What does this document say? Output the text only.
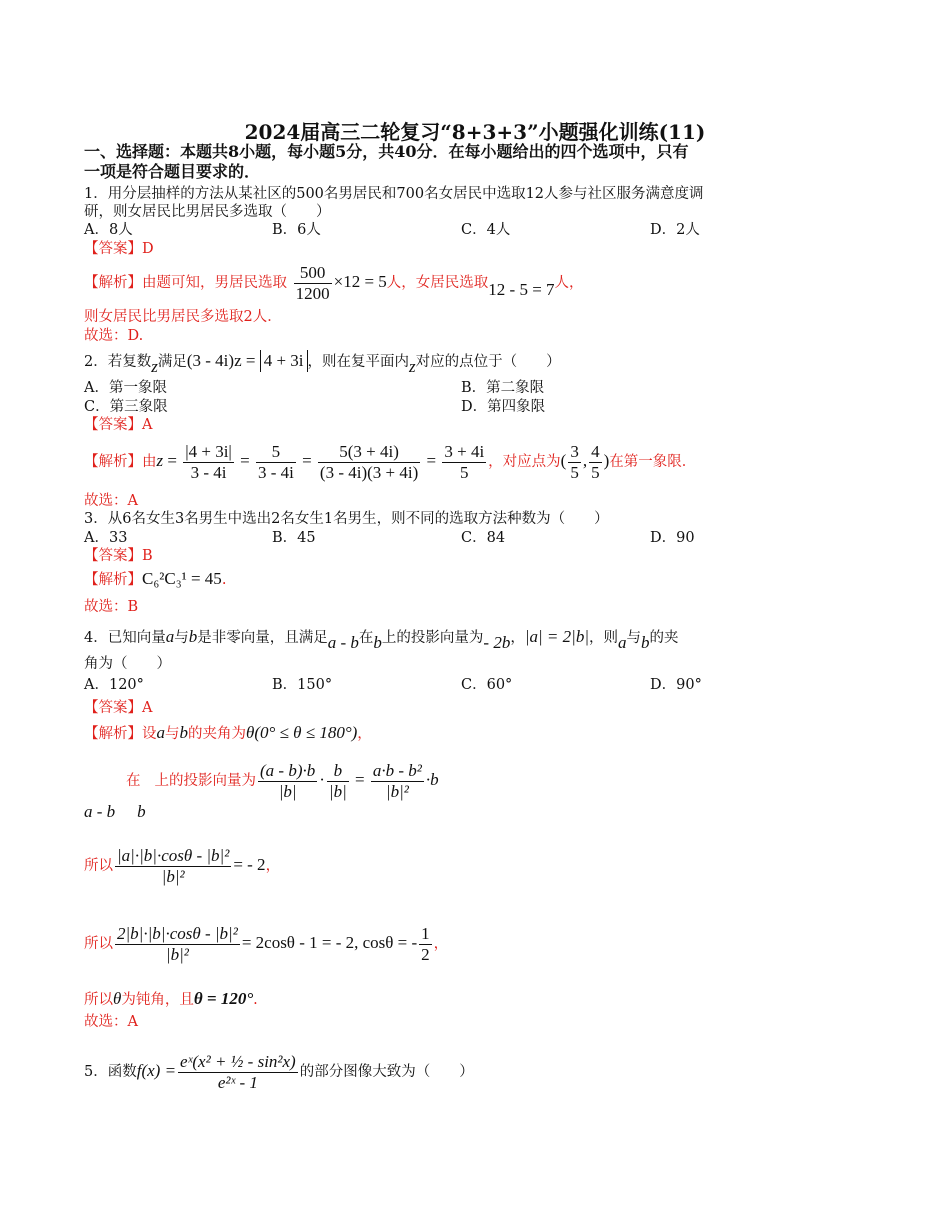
2024届高三二轮复习“8+3+3”小题强化训练(11)
一、选择题：本题共8小题，每小题5分，共40分．在每小题给出的四个选项中，只有
一项是符合题目要求的．
1．用分层抽样的方法从某社区的500名男居民和700名女居民中选取12人参与社区服务满意度调
研，则女居民比男居民多选取（　　）
A．8人	B．6人	C．4人	D．2人
【答案】D
【解析】由题可知，男居民选取 $\frac{500}{1200} \times 12 = 5$人，女居民选取12 - 5 = 7人，
则女居民比男居民多选取2人．
故选：D.
2．若复数z满足(3 - 4i)z = 4 + 3i ，则在复平面内z对应的点位于（　　）
A．第一象限	B．第二象限
C．第三象限	D．第四象限
【答案】A
【解析】由$z = \frac{|4 + 3i|}{3 - 4i} = \frac{5}{3 - 4i} = \frac{5(3 + 4i)}{(3 - 4i)(3 + 4i)} = \frac{3 + 4i}{5}$ ，对应点为( $\frac{3}{5}$ , $\frac{4}{5}$ )在第一象限．
故选：A
3．从6名女生3名男生中选出2名女生1名男生，则不同的选取方法种数为（　　）
A．33	B．45	C．84	D．90
【答案】B
【解析】C₆²C₃¹ = 45.
故选：B
4．已知向量a与b是非零向量，且满足a - b在b上的投影向量为- 2b，|a| = 2|b|，则a与b的夹
角为（　　）
A．120°	B．150°	C．60°	D．90°
【答案】A
【解析】设a与b的夹角为θ(0° ≤ θ ≤ 180°)，
在 上的投影向量为 $\frac{(a - b)\cdot b}{|b|} \cdot \frac{b}{|b|} = \frac{\text{a·b - b²}}{\text{|b|²}} \cdot b$
a - b b
所以 $\frac{\text{|a|·|b|·cosθ - |b|²}}{\text{|b|²}}$ = - 2，
所以 $\frac{\text{2|b|·|b|·cosθ - |b|²}}{\text{|b|²}} = 2\cos\theta - 1$ = - 2, cosθ = - $\frac{1}{2}$ ，
所以θ为钝角，且θ = 120°.
故选：A
5．函数$f(x) = \frac{\text{eˣ(x² + ½ - sin²x)}}{\text{e²ˣ - 1}}$ 的部分图像大致为（　　）
